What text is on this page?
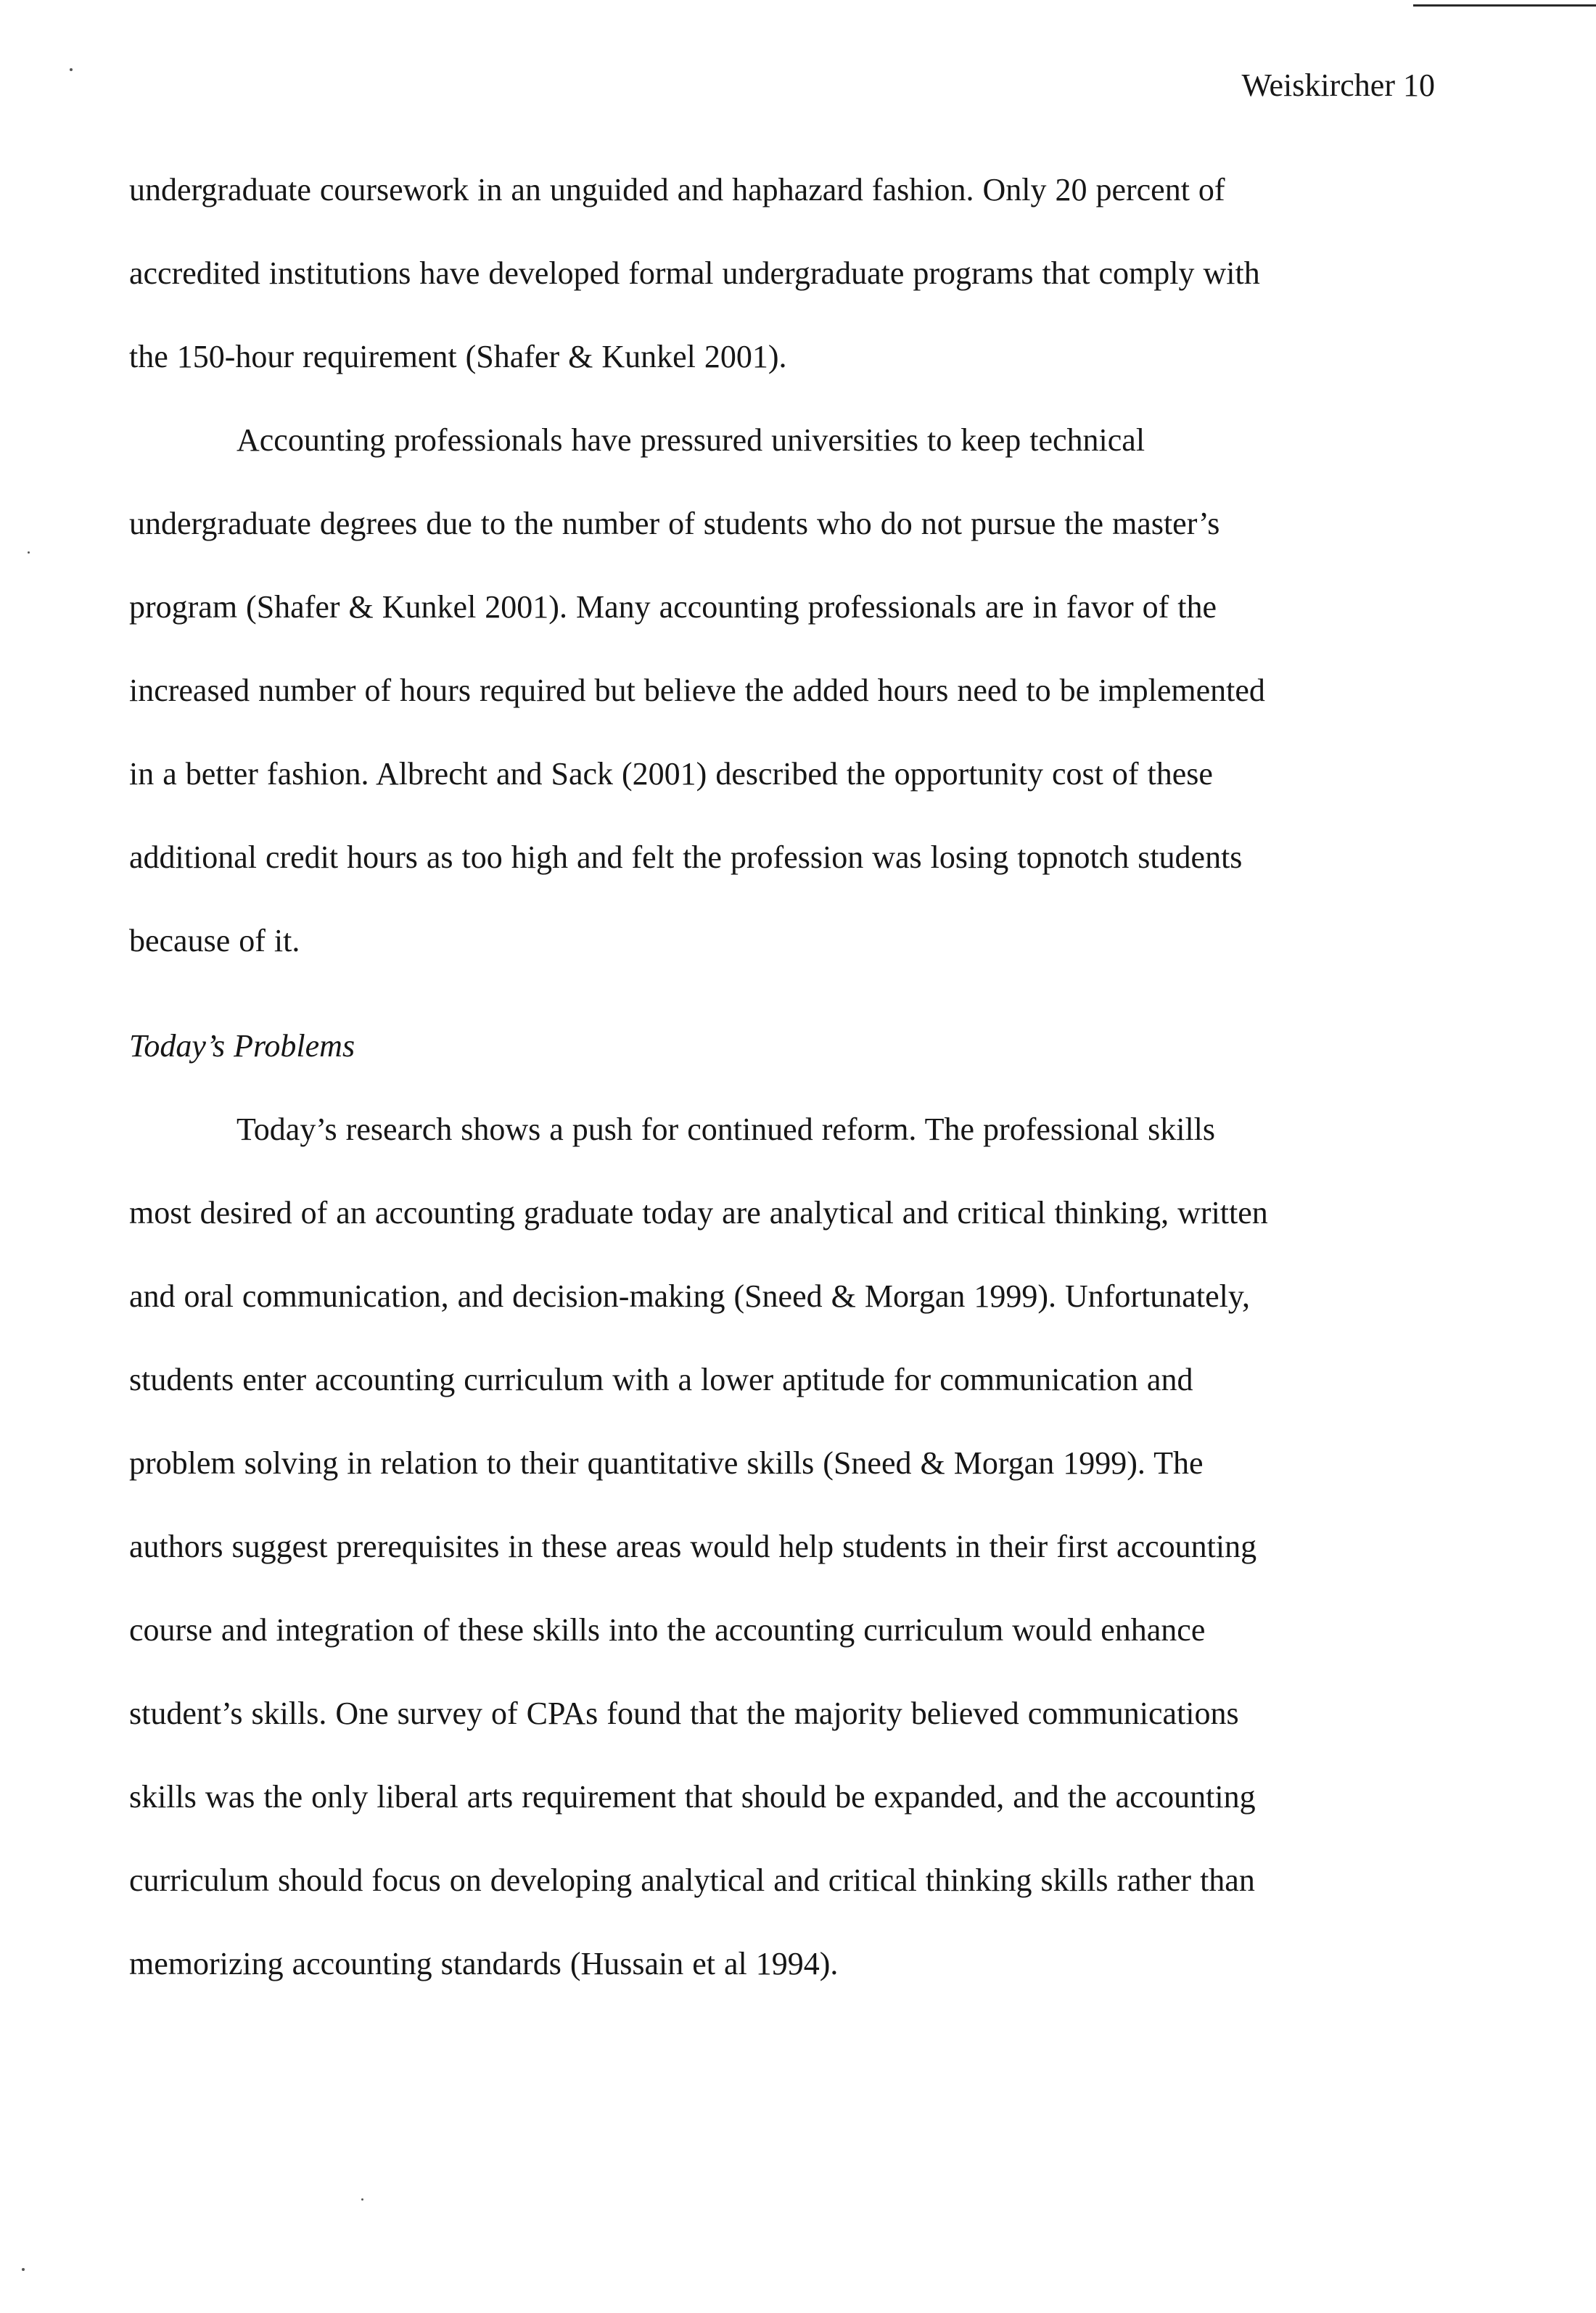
Weiskircher 10
undergraduate coursework in an unguided and haphazard fashion. Only 20 percent of
accredited institutions have developed formal undergraduate programs that comply with
the 150-hour requirement (Shafer & Kunkel 2001).
Accounting professionals have pressured universities to keep technical
undergraduate degrees due to the number of students who do not pursue the master’s
program (Shafer & Kunkel 2001). Many accounting professionals are in favor of the
increased number of hours required but believe the added hours need to be implemented
in a better fashion. Albrecht and Sack (2001) described the opportunity cost of these
additional credit hours as too high and felt the profession was losing topnotch students
because of it.
Today’s Problems
Today’s research shows a push for continued reform. The professional skills
most desired of an accounting graduate today are analytical and critical thinking, written
and oral communication, and decision-making (Sneed & Morgan 1999). Unfortunately,
students enter accounting curriculum with a lower aptitude for communication and
problem solving in relation to their quantitative skills (Sneed & Morgan 1999). The
authors suggest prerequisites in these areas would help students in their first accounting
course and integration of these skills into the accounting curriculum would enhance
student’s skills. One survey of CPAs found that the majority believed communications
skills was the only liberal arts requirement that should be expanded, and the accounting
curriculum should focus on developing analytical and critical thinking skills rather than
memorizing accounting standards (Hussain et al 1994).
